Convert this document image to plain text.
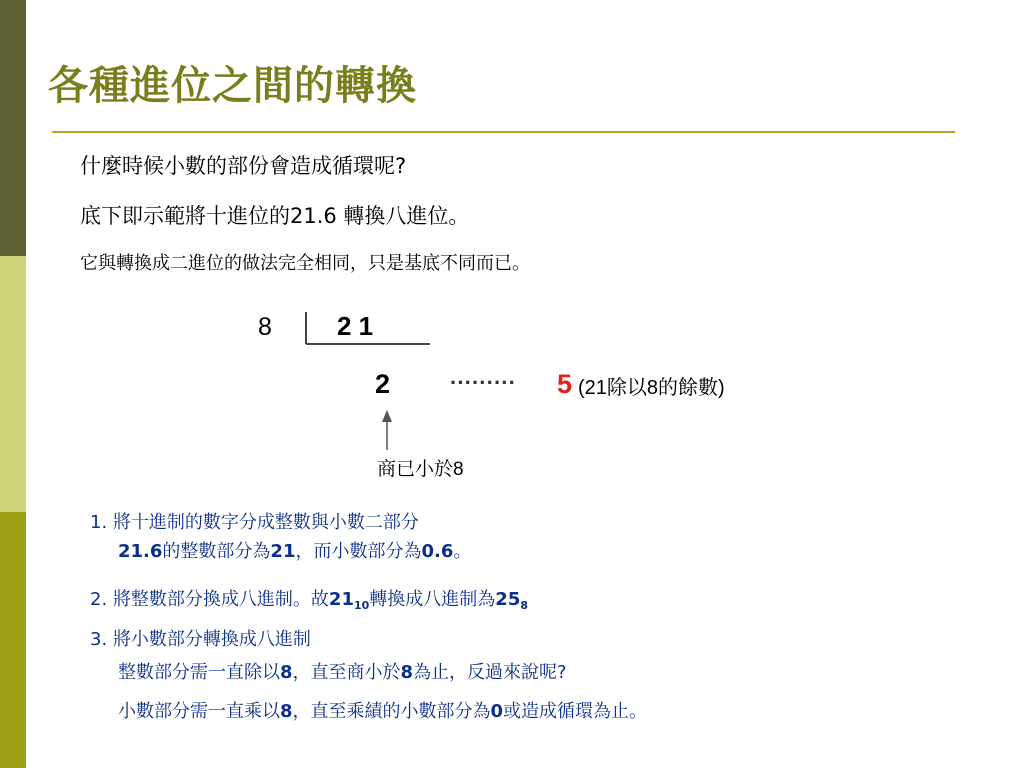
各種進位之間的轉換
什麼時候小數的部份會造成循環呢?
底下即示範將十進位的21.6 轉換八進位。
它與轉換成二進位的做法完全相同，只是基底不同而已。
8	2 1
2	········· 5 (21除以8的餘數)
商已小於8
1. 將十進制的數字分成整數與小數二部分
21.6的整數部分為21，而小數部分為0.6。
2. 將整數部分換成八進制。故$21_{10}$轉換成八進制為$25_8$
3. 將小數部分轉換成八進制
整數部分需一直除以8，直至商小於8為止，反過來說呢?
小數部分需一直乘以8，直至乘績的小數部分為0或造成循環為止。
